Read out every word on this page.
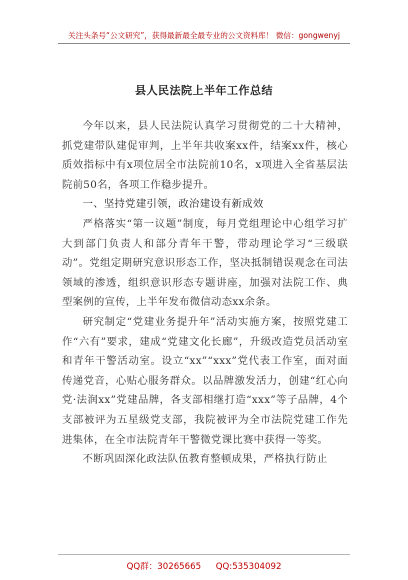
关注头条号“公文研究”，获得最新最全最专业的公文资料库！ 微信：gongwenyj
县人民法院上半年工作总结

今年以来，县人民法院认真学习贯彻党的二十大精神，抓党建带队建促审判，上半年共收案xx件，结案xx件，核心质效指标中有x项位居全市法院前10名，x项进入全省基层法院前50名，各项工作稳步提升。

一、坚持党建引领，政治建设有新成效

严格落实“第一议题”制度，每月党组理论中心组学习扩大到部门负责人和部分青年干警，带动理论学习“三级联动”。党组定期研究意识形态工作，坚决抵制错误观念在司法领域的渗透，组织意识形态专题讲座，加强对法院工作、典型案例的宣传，上半年发布微信动态xx余条。

研究制定“党建业务提升年”活动实施方案，按照党建工作“六有”要求，建成“党建文化长廊”，升级改造党员活动室和青年干警活动室。设立“xx”“xxx”党代表工作室，面对面传递党音，心贴心服务群众。以品牌激发活力，创建“红心向党·法润xx”党建品牌，各支部相继打造“xxx”等子品牌，4个支部被评为五星级党支部，我院被评为全市法院党建工作先进集体，在全市法院青年干警微党课比赛中获得一等奖。

不断巩固深化政法队伍教育整顿成果，严格执行防止

QQ群：30265665 QQ:535304092
